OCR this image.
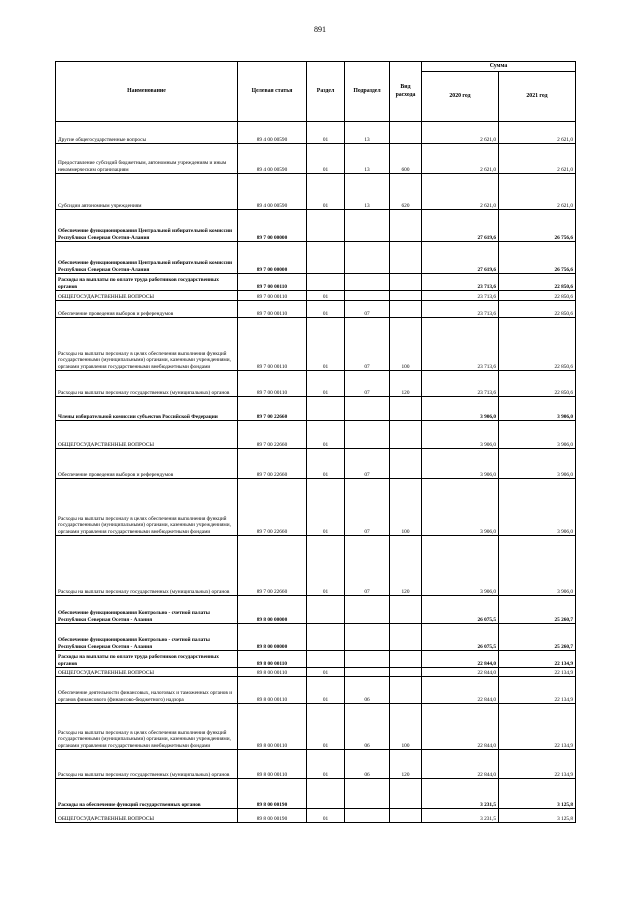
891
Наименование	Целевая статья	Раздел	Подраздел	Вид расхода	Сумма	
					2020 год	2021 год
Другие общегосударственные вопросы	89 4 00 00590	01	13		2 621,0	2 621,0
Предоставление субсидий бюджетным, автономным учреждениям и иным некоммерческим организациям	89 4 00 00590	01	13	600	2 621,0	2 621,0
Субсидии автономным учреждениям	89 4 00 00590	01	13	620	2 621,0	2 621,0
Обеспечение функционирования Центральной избирательной комиссии Республики Северная Осетия-Алания	89 7 00 00000				27 619,6	26 756,6
Обеспечение функционирования Центральной избирательной комиссии Республики Северная Осетия-Алания	89 7 00 00000				27 619,6	26 756,6
Расходы на выплаты по оплате труда работников государственных органов	89 7 00 00110				23 713,6	22 850,6
ОБЩЕГОСУДАРСТВЕННЫЕ ВОПРОСЫ	89 7 00 00110	01			23 713,6	22 850,6
Обеспечение проведения выборов и референдумов	89 7 00 00110	01	07		23 713,6	22 850,6
Расходы на выплаты персоналу в целях обеспечения выполнения функций государственными (муниципальными) органами, казенными учреждениями, органами управления государственными внебюджетными фондами	89 7 00 00110	01	07	100	23 713,6	22 850,6
Расходы на выплаты персоналу государственных (муниципальных) органов	89 7 00 00110	01	07	120	23 713,6	22 850,6
Члены избирательной комиссии субъектов Российской Федерации	89 7 00 22660				3 906,0	3 906,0
ОБЩЕГОСУДАРСТВЕННЫЕ ВОПРОСЫ	89 7 00 22660	01			3 906,0	3 906,0
Обеспечение проведения выборов и референдумов	89 7 00 22660	01	07		3 906,0	3 906,0
Расходы на выплаты персоналу в целях обеспечения выполнения функций государственными (муниципальными) органами, казенными учреждениями, органами управления государственными внебюджетными фондами	89 7 00 22660	01	07	100	3 906,0	3 906,0
Расходы на выплаты персоналу государственных (муниципальных) органов	89 7 00 22660	01	07	120	3 906,0	3 906,0
Обеспечение функционирования Контрольно - счетной палаты Республики Северная Осетия - Алания	89 8 00 00000				26 075,5	25 260,7
Обеспечение функционирования Контрольно - счетной палаты Республики Северная Осетия - Алания	89 8 00 00000				26 075,5	25 260,7
Расходы на выплаты по оплате труда работников государственных органов	89 8 00 00110				22 844,0	22 134,9
ОБЩЕГОСУДАРСТВЕННЫЕ ВОПРОСЫ	89 8 00 00110	01			22 844,0	22 134,9
Обеспечение деятельности финансовых, налоговых и таможенных органов и органов финансового (финансово-бюджетного) надзора	89 8 00 00110	01	06		22 844,0	22 134,9
Расходы на выплаты персоналу в целях обеспечения выполнения функций государственными (муниципальными) органами, казенными учреждениями, органами управления государственными внебюджетными фондами	89 8 00 00110	01	06	100	22 844,0	22 134,9
Расходы на выплаты персоналу государственных (муниципальных) органов	89 8 00 00110	01	06	120	22 844,0	22 134,9
Расходы на обеспечение функций государственных органов	89 8 00 00190				3 231,5	3 125,8
ОБЩЕГОСУДАРСТВЕННЫЕ ВОПРОСЫ	89 8 00 00190	01			3 231,5	3 125,8
